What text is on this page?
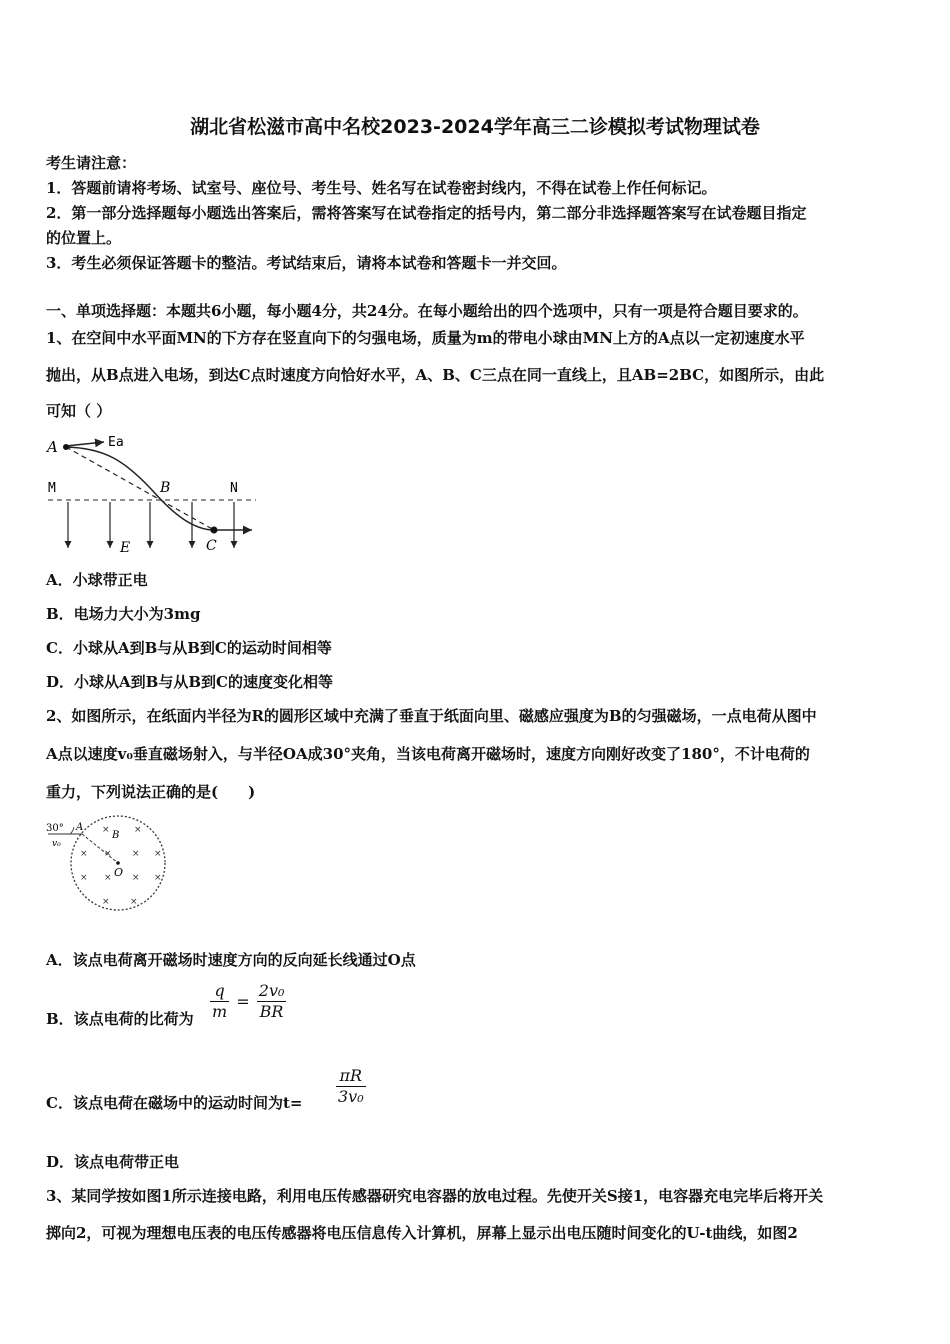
湖北省松滋市高中名校2023-2024学年高三二诊模拟考试物理试卷
考生请注意：
1．答题前请将考场、试室号、座位号、考生号、姓名写在试卷密封线内，不得在试卷上作任何标记。
2．第一部分选择题每小题选出答案后，需将答案写在试卷指定的括号内，第二部分非选择题答案写在试卷题目指定
的位置上。
3．考生必须保证答题卡的整洁。考试结束后，请将本试卷和答题卡一并交回。
一、单项选择题：本题共6小题，每小题4分，共24分。在每小题给出的四个选项中，只有一项是符合题目要求的。
1、在空间中水平面MN的下方存在竖直向下的匀强电场，质量为m的带电小球由MN上方的A点以一定初速度水平
抛出，从B点进入电场，到达C点时速度方向恰好水平，A、B、C三点在同一直线上，且AB=2BC，如图所示，由此
可知（ ）
A	Ea
M	B	N
E	C
A．小球带正电
B．电场力大小为3mg
C．小球从A到B与从B到C的运动时间相等
D．小球从A到B与从B到C的速度变化相等
2、如图所示，在纸面内半径为R的圆形区域中充满了垂直于纸面向里、磁感应强度为B的匀强磁场，一点电荷从图中
A点以速度v₀垂直磁场射入，与半径OA成30°夹角，当该电荷离开磁场时，速度方向刚好改变了180°，不计电荷的
重力，下列说法正确的是(　　)
30° A
v₀
B
O
×	×
× × × ×
× × × ×
× ×
A．该点电荷离开磁场时速度方向的反向延长线通过O点
B．该点电荷的比荷为 $\frac{q}{m} = \frac{\text{2v₀}}{BR}$
C．该点电荷在磁场中的运动时间为$t= \frac{\pi R}{\text{3v₀}}$
D．该点电荷带正电
3、某同学按如图1所示连接电路，利用电压传感器研究电容器的放电过程。先使开关S接1，电容器充电完毕后将开关
掷向2，可视为理想电压表的电压传感器将电压信息传入计算机，屏幕上显示出电压随时间变化的U-t曲线，如图2
